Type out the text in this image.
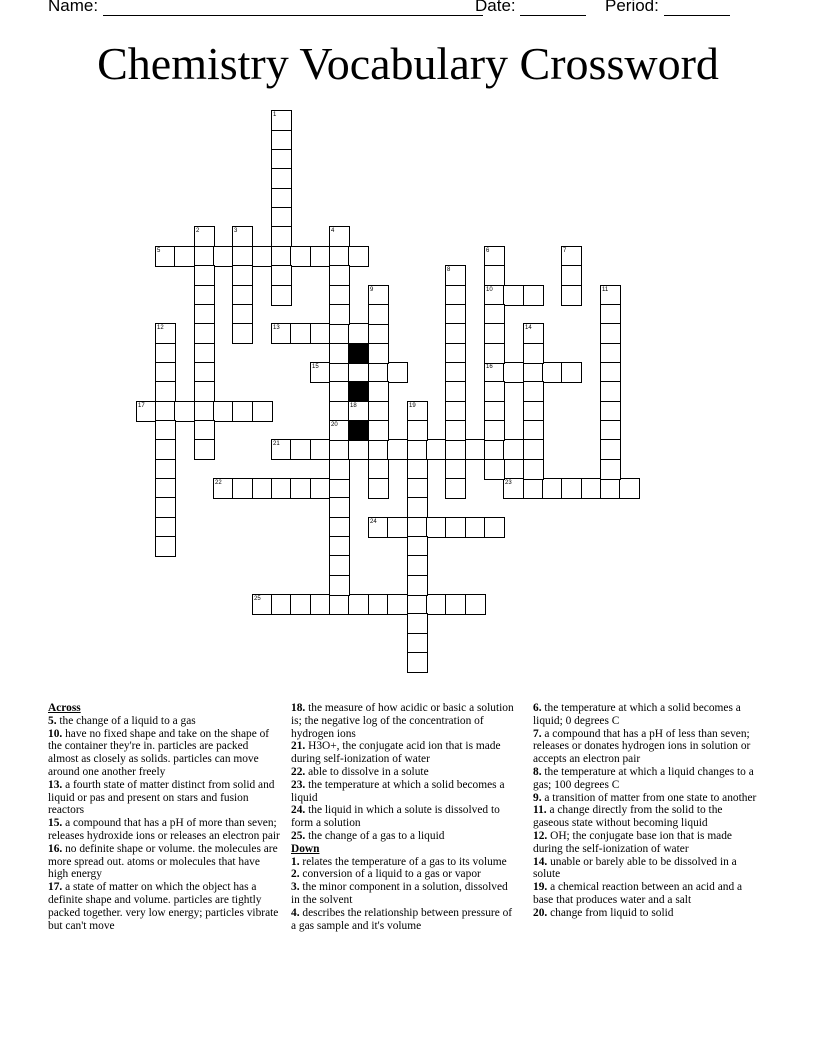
Name:	Date:	Period:
Chemistry Vocabulary Crossword
5
10
13
15	16
17
21
22	23
24
25
1
2	3	4
6	7
8
9	11
12	14
18	19
20

Across

5. the change of a liquid to a gas

10. have no fixed shape and take on the shape of the container they're in. particles are packed almost as closely as solids. particles can move around one another freely

13. a fourth state of matter distinct from solid and liquid or pas and present on stars and fusion reactors

15. a compound that has a pH of more than seven; releases hydroxide ions or releases an electron pair

16. no definite shape or volume. the molecules are more spread out. atoms or molecules that have high energy

17. a state of matter on which the object has a definite shape and volume. particles are tightly packed together. very low energy; particles vibrate but can't move

18. the measure of how acidic or basic a solution is; the negative log of the concentration of hydrogen ions

21. H3O+, the conjugate acid ion that is made during self-ionization of water

22. able to dissolve in a solute

23. the temperature at which a solid becomes a liquid

24. the liquid in which a solute is dissolved to form a solution

25. the change of a gas to a liquid

Down

1. relates the temperature of a gas to its volume

2. conversion of a liquid to a gas or vapor

3. the minor component in a solution, dissolved in the solvent

4. describes the relationship between pressure of a gas sample and it's volume

6. the temperature at which a solid becomes a liquid; 0 degrees C

7. a compound that has a pH of less than seven; releases or donates hydrogen ions in solution or accepts an electron pair

8. the temperature at which a liquid changes to a gas; 100 degrees C

9. a transition of matter from one state to another

11. a change directly from the solid to the gaseous state without becoming liquid

12. OH; the conjugate base ion that is made during the self-ionization of water

14. unable or barely able to be dissolved in a solute

19. a chemical reaction between an acid and a base that produces water and a salt

20. change from liquid to solid
